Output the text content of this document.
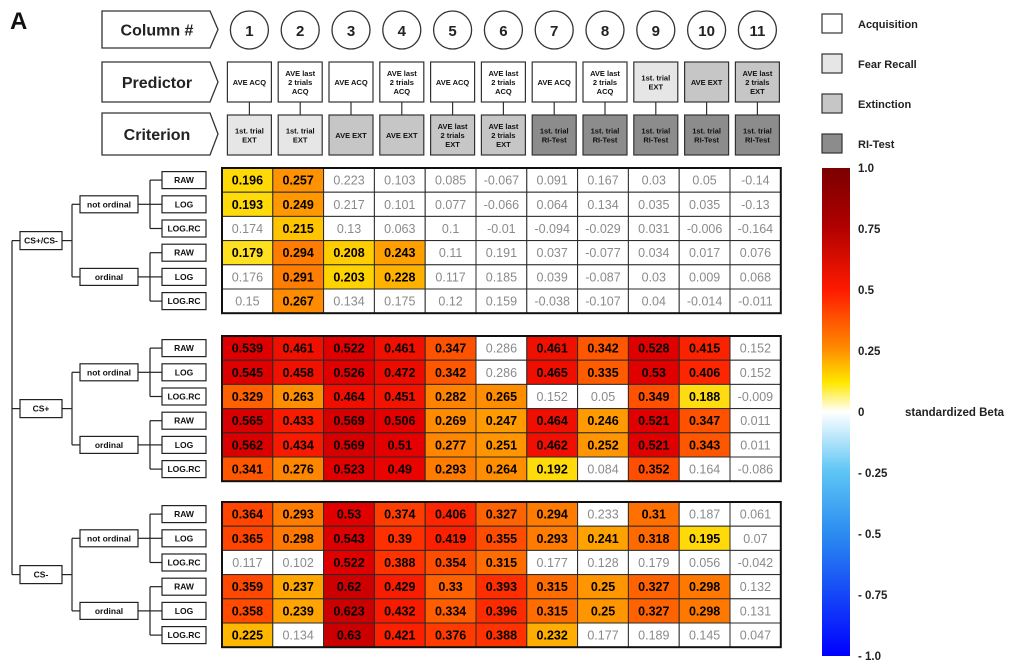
A	Column #
Predictor
Criterion
1	2	3	4	5	6	7	8	9	10 11
AVE ACQ
1st. trial
EXT
AVE last
2 trials
ACQ
1st. trial
EXT
AVE ACQ
AVE EXT
AVE last
2 trials
ACQ
AVE EXT
AVE ACQ
AVE last
2 trials
EXT
AVE last
2 trials
ACQ
AVE last
2 trials
EXT
AVE ACQ
1st. trial
RI-Test
AVE last
2 trials
ACQ
1st. trial
RI-Test
1st. trial
EXT
1st. trial
RI-Test
AVE EXT
1st. trial
RI-Test
AVE last
2 trials
EXT
1st. trial
RI-Test
RAW
LOG
LOG.RC
RAW
LOG
LOG.RC
not ordinal
ordinal
CS+/CS-
RAW
LOG
LOG.RC
RAW
LOG
LOG.RC
not ordinal
ordinal
CS+
RAW
LOG
LOG.RC
RAW
LOG
LOG.RC
not ordinal
ordinal
CS-
0.196 0.257 0.223 0.103 0.085 -0.067 0.091 0.167 0.03 0.05 -0.14
0.193 0.249 0.217 0.101 0.077 -0.066 0.064 0.134 0.035 0.035 -0.13
0.174 0.215 0.13 0.063 0.1 -0.01 -0.094 -0.029 0.031 -0.006 -0.164
0.179 0.294 0.208 0.243 0.11 0.191 0.037 -0.077 0.034 0.017 0.076
0.176 0.291 0.203 0.228 0.117 0.185 0.039 -0.087 0.03 0.009 0.068
0.15 0.267 0.134 0.175 0.12 0.159 -0.038 -0.107 0.04 -0.014 -0.011
0.539 0.461 0.522 0.461 0.347 0.286 0.461 0.342 0.528 0.415 0.152
0.545 0.458 0.526 0.472 0.342 0.286 0.465 0.335 0.53 0.406 0.152
0.329 0.263 0.464 0.451 0.282 0.265 0.152 0.05 0.349 0.188 -0.009
0.565 0.433 0.569 0.506 0.269 0.247 0.464 0.246 0.521 0.347 0.011
0.562 0.434 0.569 0.51 0.277 0.251 0.462 0.252 0.521 0.343 0.011
0.341 0.276 0.523 0.49 0.293 0.264 0.192 0.084 0.352 0.164 -0.086
0.364 0.293 0.53 0.374 0.406 0.327 0.294 0.233 0.31 0.187 0.061
0.365 0.298 0.543 0.39 0.419 0.355 0.293 0.241 0.318 0.195 0.07
0.117 0.102 0.522 0.388 0.354 0.315 0.177 0.128 0.179 0.056 -0.042
0.359 0.237 0.62 0.429 0.33 0.393 0.315 0.25 0.327 0.298 0.132
0.358 0.239 0.623 0.432 0.334 0.396 0.315 0.25 0.327 0.298 0.131
0.225 0.134 0.63 0.421 0.376 0.388 0.232 0.177 0.189 0.145 0.047
Acquisition
Fear Recall
Extinction
RI-Test
1.0
0.75
0.5
0.25
0
- 0.25
- 0.5
- 0.75
- 1.0
standardized Beta
